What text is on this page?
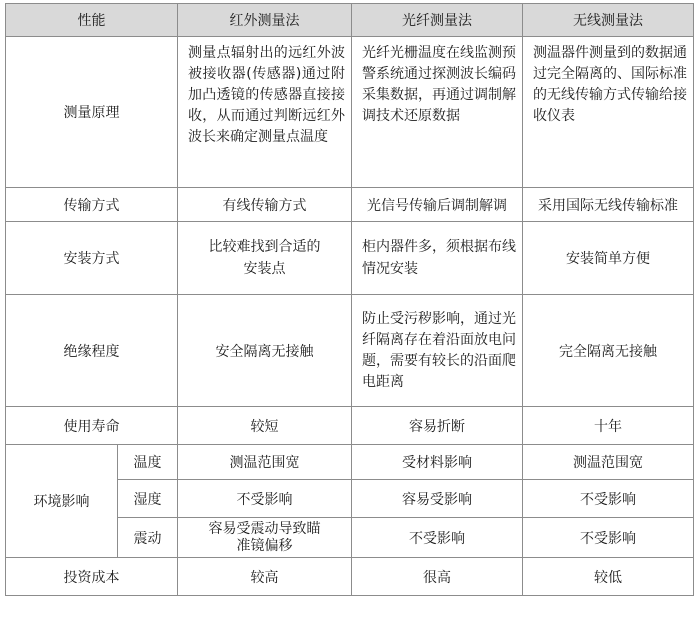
性能		红外测量法	光纤测量法	无线测量法
测量原理		测量点辐射出的远红外波被接收器(传感器)通过附加凸透镜的传感器直接接收，从而通过判断远红外波长来确定测量点温度	光纤光栅温度在线监测预警系统通过探测波长编码采集数据，再通过调制解调技术还原数据	测温器件测量到的数据通过完全隔离的、国际标准的无线传输方式传输给接收仪表
传输方式		有线传输方式	光信号传输后调制解调	采用国际无线传输标准
安装方式		比较难找到合适的安装点	柜内器件多，须根据布线情况安装	安装简单方便
绝缘程度		安全隔离无接触	防止受污秽影响，通过光纤隔离存在着沿面放电问题，需要有较长的沿面爬电距离	完全隔离无接触
使用寿命		较短	容易折断	十年
环境影响	温度	测温范围宽	受材料影响	测温范围宽
	湿度	不受影响	容易受影响	不受影响
	震动	容易受震动导致瞄准镜偏移	不受影响	不受影响
投资成本		较高	很高	较低
